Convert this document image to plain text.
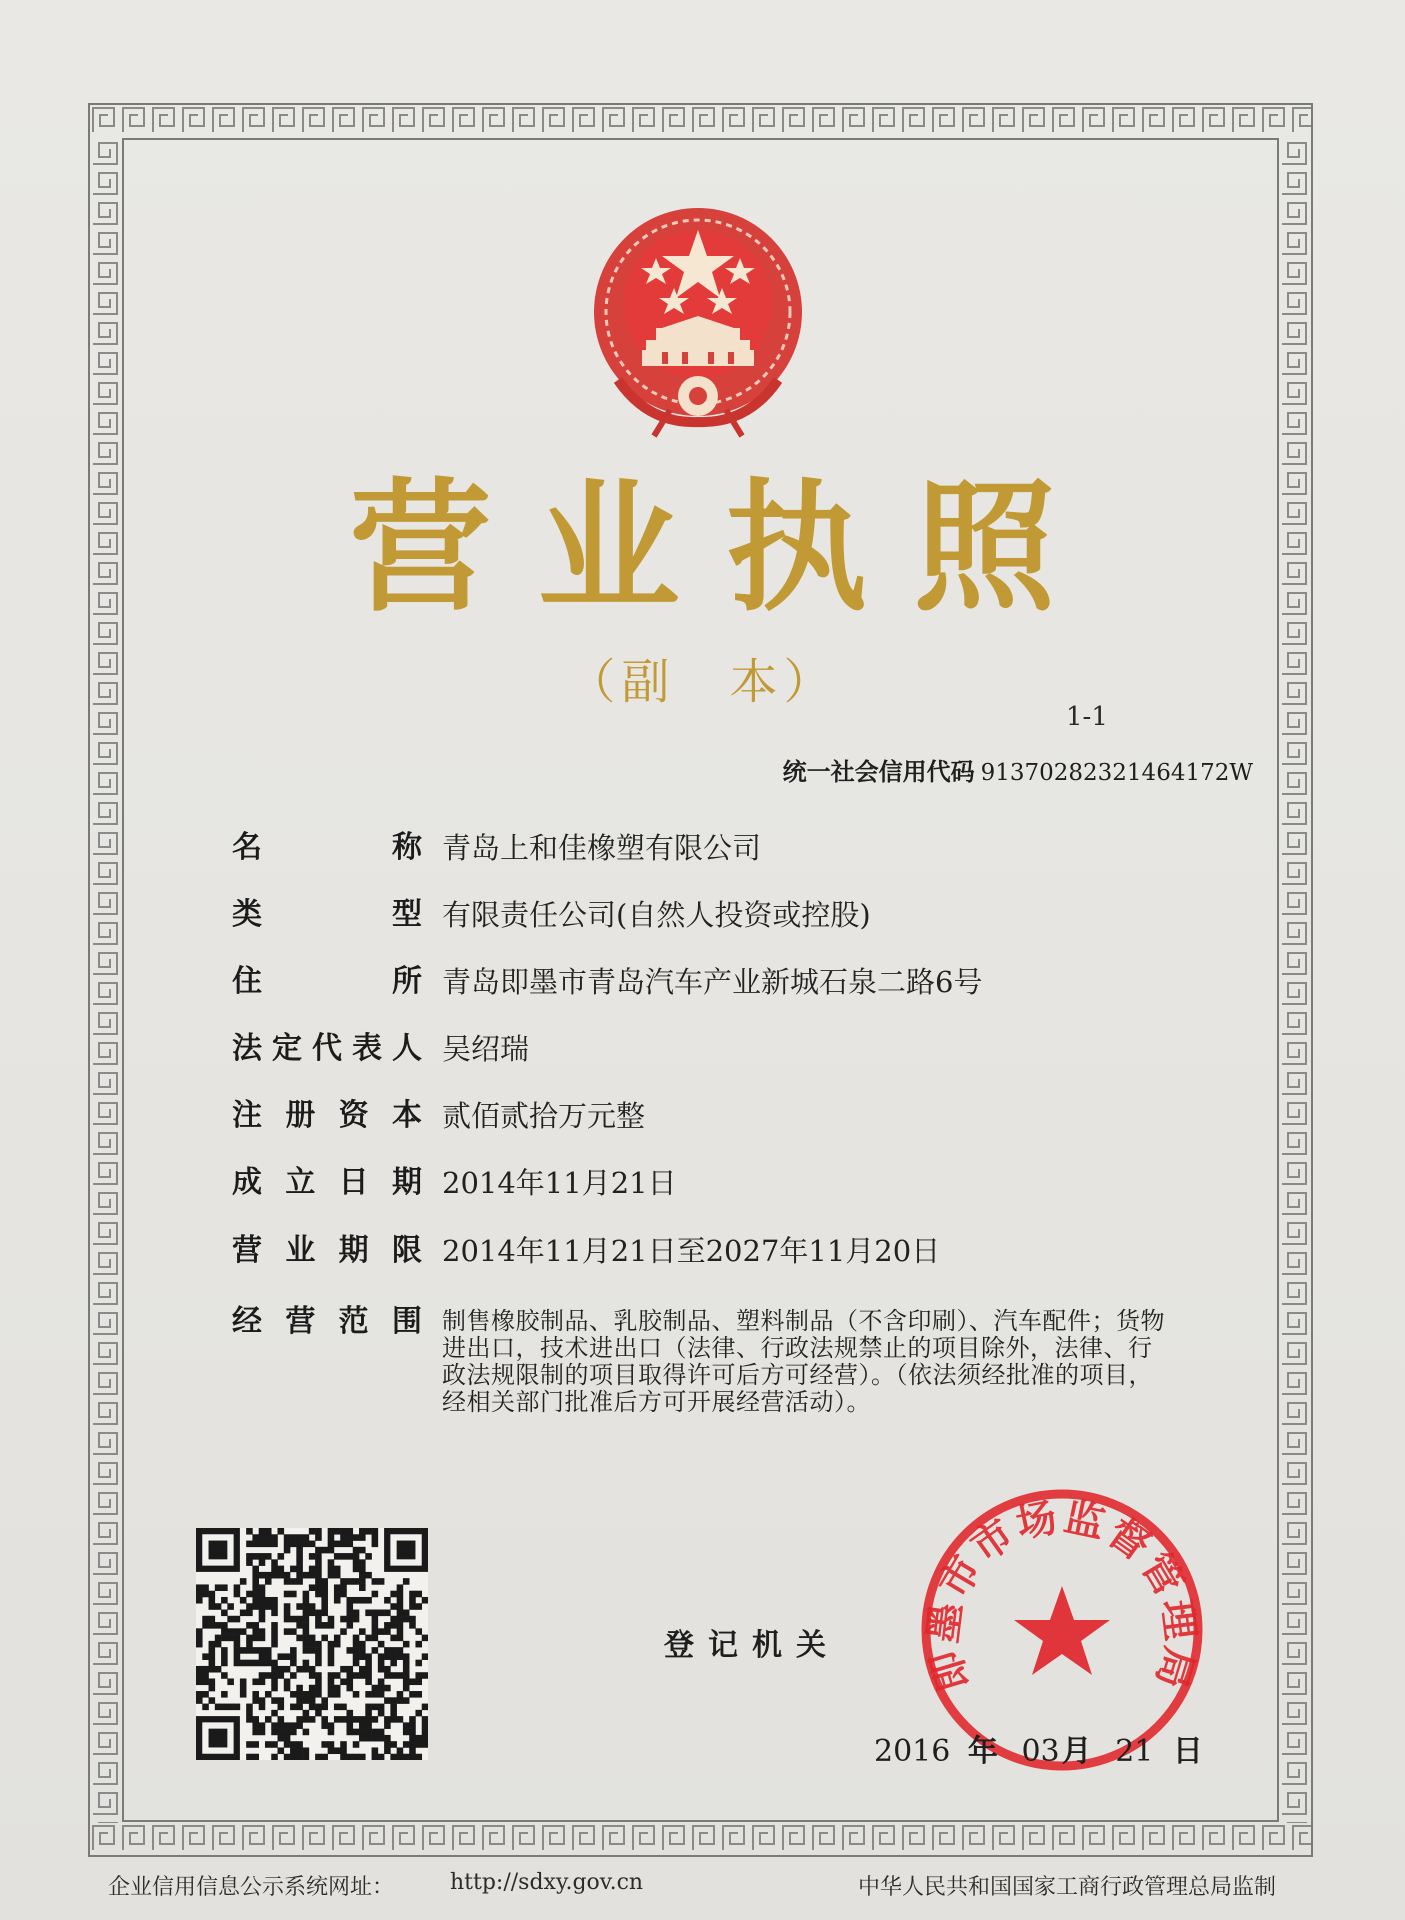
营业执照
（副　本）
1-1
统一社会信用代码 91370282321464172W
名	称 青岛上和佳橡塑有限公司
类	型 有限责任公司(自然人投资或控股)
住	所 青岛即墨市青岛汽车产业新城石泉二路6号
法 定 代 表 人 吴绍瑞
注 册 资 本 贰佰贰拾万元整
成 立 日 期 2014年11月21日
营 业 期 限 2014年11月21日至2027年11月20日
经 营 范 围 制售橡胶制品、乳胶制品、塑料制品（不含印刷）、汽车配件；货物进出口，技术进出口（法律、行政法规禁止的项目除外，法律、行政法规限制的项目取得许可后方可经营）。（依法须经批准的项目，经相关部门批准后方可开展经营活动）。
登记机关 即墨市市场监督管理局
2016 年 03月 21 日
企业信用信息公示系统网址：	http://sdxy.gov.cn	中华人民共和国国家工商行政管理总局监制
